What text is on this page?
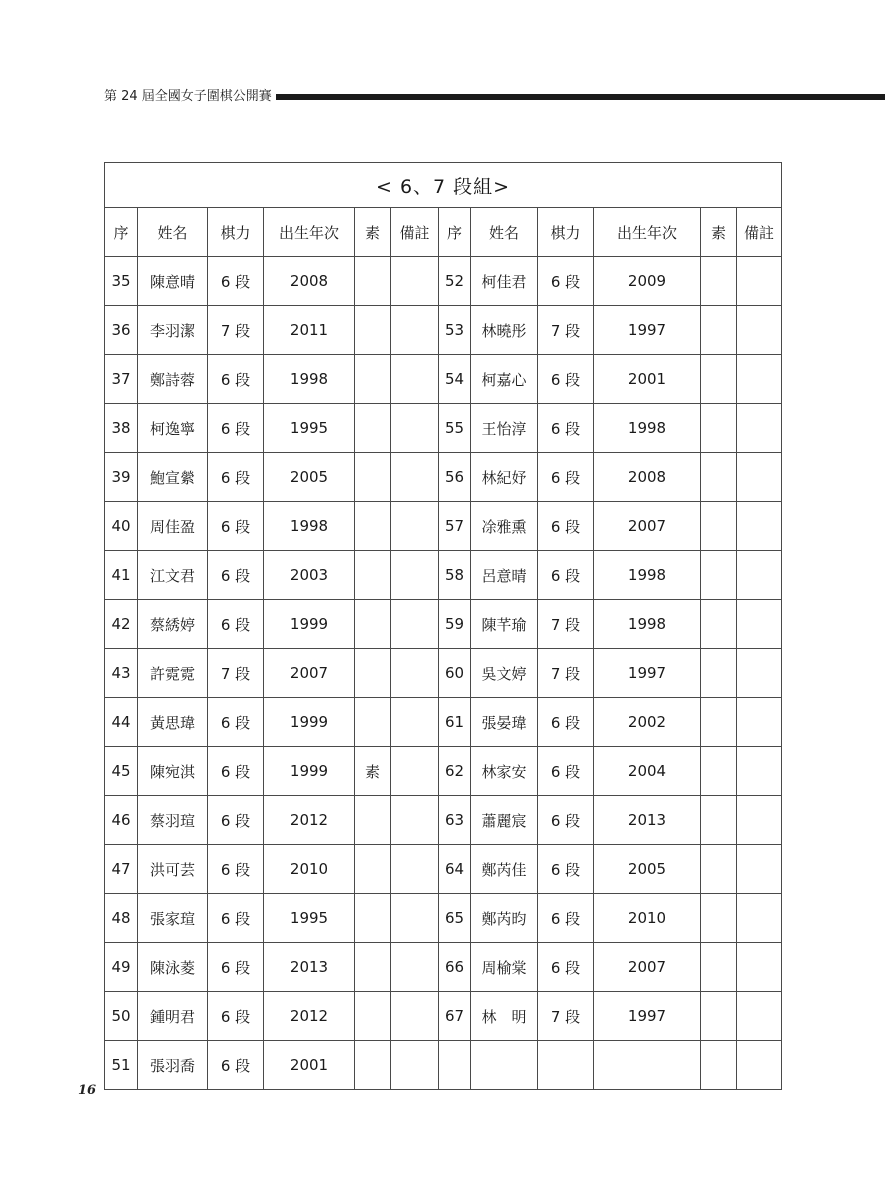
第 24 屆全國女子圍棋公開賽
< 6、7 段組>											
序	姓名	棋力	出生年次	素	備註	序	姓名	棋力	出生年次	素	備註
35	陳意晴	6 段	2008			52	柯佳君	6 段	2009		
36	李羽潔	7 段	2011			53	林曉彤	7 段	1997		
37	鄭詩蓉	6 段	1998			54	柯嘉心	6 段	2001		
38	柯逸寧	6 段	1995			55	王怡淳	6 段	1998		
39	鮑宣縈	6 段	2005			56	林紀妤	6 段	2008		
40	周佳盈	6 段	1998			57	凃雅熏	6 段	2007		
41	江文君	6 段	2003			58	呂意晴	6 段	1998		
42	蔡綉婷	6 段	1999			59	陳芊瑜	7 段	1998		
43	許霓霓	7 段	2007			60	吳文婷	7 段	1997		
44	黃思瑋	6 段	1999			61	張晏瑋	6 段	2002		
45	陳宛淇	6 段	1999	素		62	林家安	6 段	2004		
46	蔡羽瑄	6 段	2012			63	蕭麗宸	6 段	2013		
47	洪可芸	6 段	2010			64	鄭芮佳	6 段	2005		
48	張家瑄	6 段	1995			65	鄭芮昀	6 段	2010		
49	陳泳菱	6 段	2013			66	周榆棠	6 段	2007		
50	鍾明君	6 段	2012			67	林　明	7 段	1997		
51	張羽喬	6 段	2001								
16
